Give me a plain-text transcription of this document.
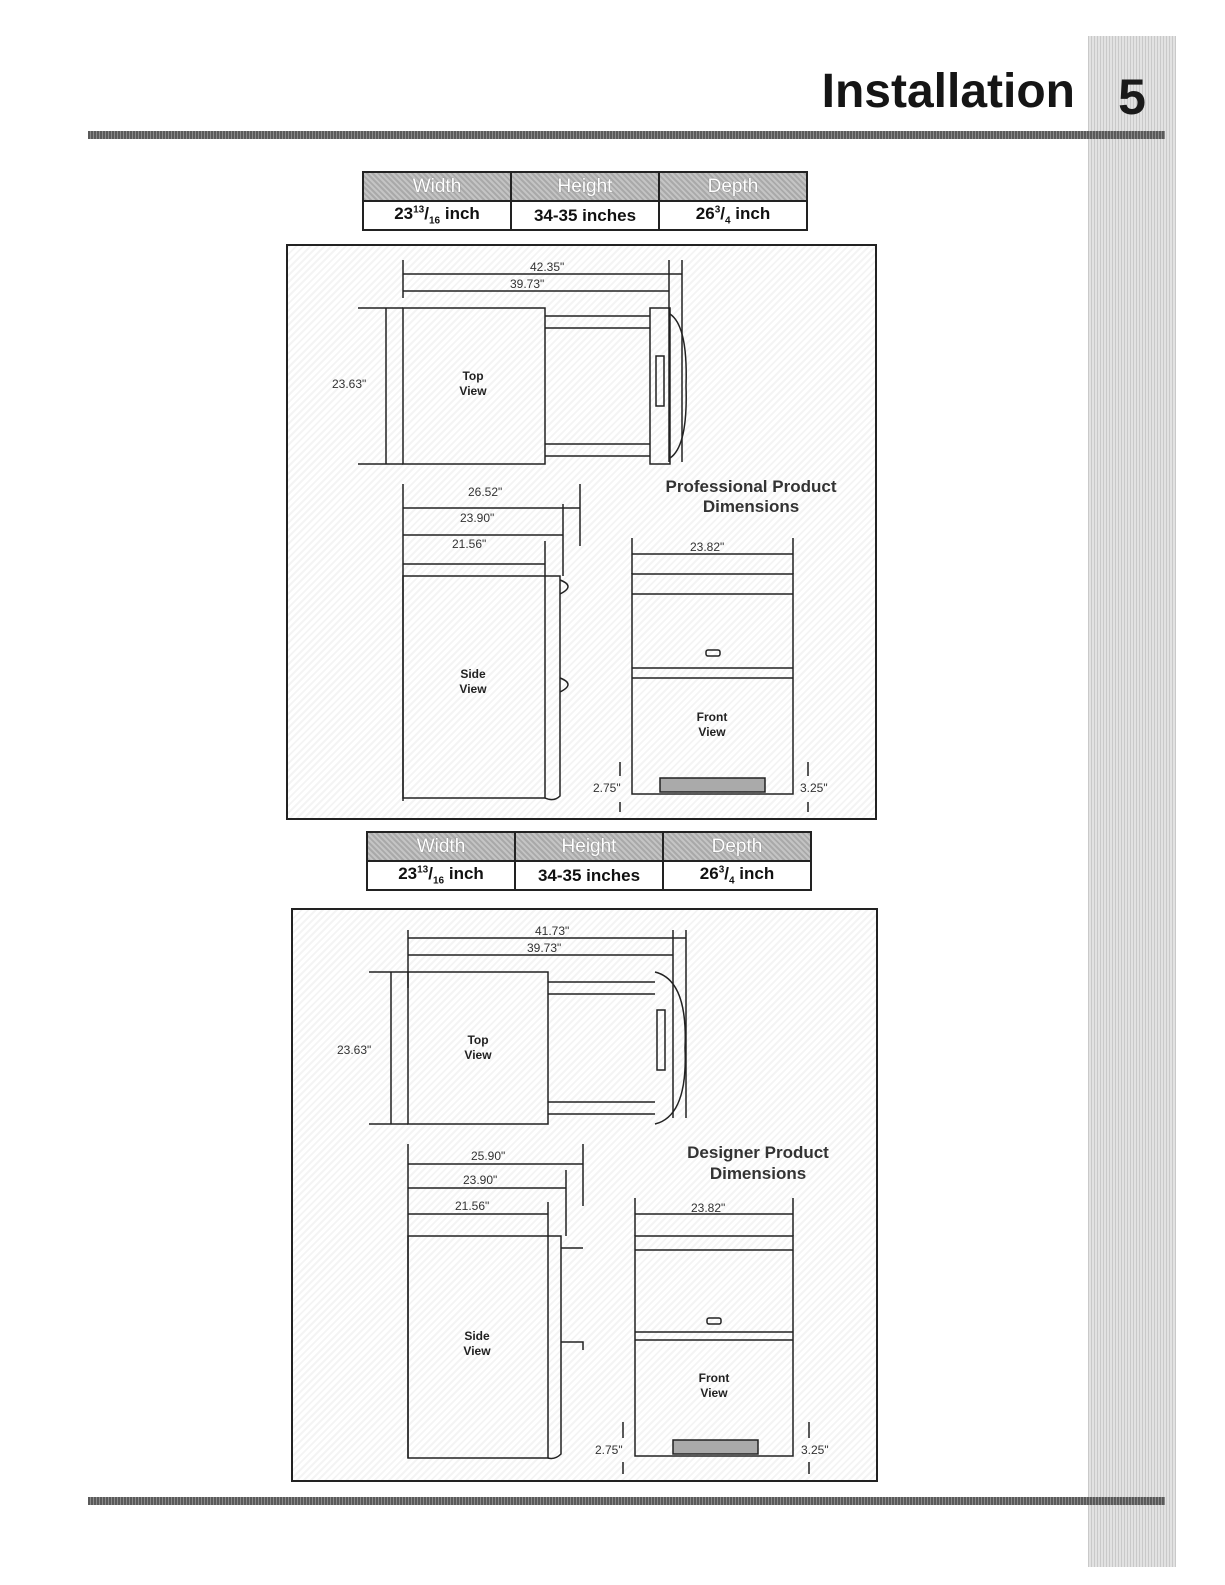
5
Installation
Width	Height	Depth
$23^{13}/_{16}$ inch	34-35 inches	$26^3/_4$ inch
42.35"
39.73"
23.63"
Top
View
Professional Product
Dimensions
26.52"
23.90"
21.56"
Side
View
23.82"
Front
View
2.75"	3.25"
Width	Height	Depth
$23^{13}/_{16}$ inch	34-35 inches	$26^3/_4$ inch
41.73"
39.73"
23.63"
Top
View
Designer Product
Dimensions
25.90"
23.90"
21.56"
Side
View
23.82"
Front
View
2.75"	3.25"
